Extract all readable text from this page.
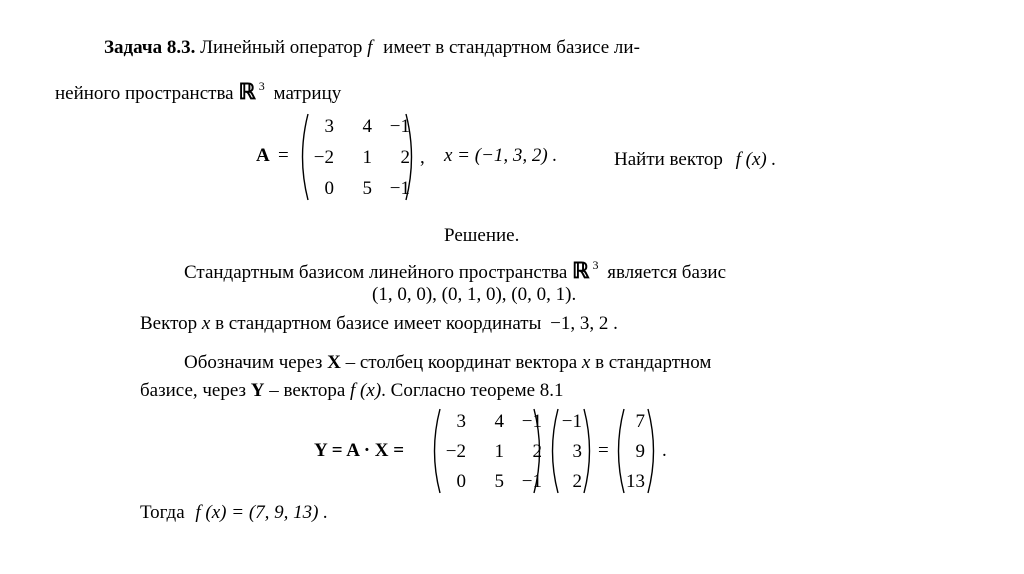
Задача 8.3. Линейный оператор f имеет в стандартном базисе ли-
нейного пространства ℝ $^3$ матрицу
A =
3	4 −1
−2	1	2
0	5 −1
, x = (−1, 3, 2) .	Найти вектор f (x) .
Решение.
Стандартным базисом линейного пространства ℝ $^3$ является базис
(1, 0, 0), (0, 1, 0), (0, 0, 1).
Вектор x в стандартном базисе имеет координаты −1, 3, 2 .
Обозначим через X – столбец координат вектора x в стандартном
базисе, через Y – вектора f (x). Согласно теореме 8.1
Y = A · X =
3	4 −1
−2	1	2
0	5 −1
−1
3
2
=
7
9
13
.
Тогда f (x) = (7, 9, 13) .
